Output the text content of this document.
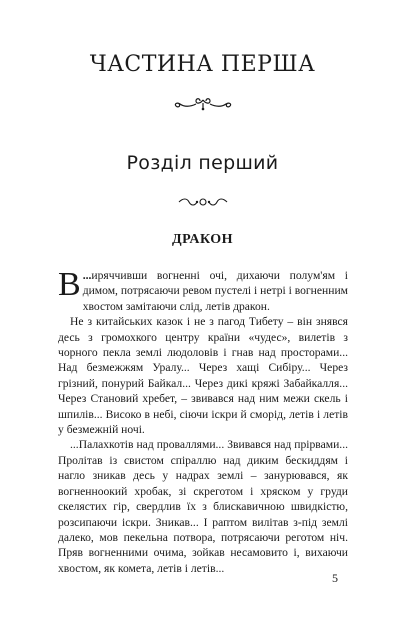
ЧАСТИНА ПЕРША
Розділ перший
ДРАКОН

В ...иряччивши вогненні очі, дихаючи полум'ям і димом, потрясаючи ревом пустелі і нетрі і вогненним хвостом замітаючи слід, летів дракон.

Не з китайських казок і не з пагод Тибету – він знявся десь з громохкого центру країни «чудес», вилетів з чорного пекла землі людоловів і гнав над просторами... Над безмежжям Уралу... Через хащі Сибіру... Через грізний, понурий Байкал... Через дикі кряжі Забайкалля... Через Становий хребет, – звивався над ним межи скель і шпилів... Високо в небі, сіючи іскри й сморід, летів і летів у безмежній ночі.

...Палахкотів над проваллями... Звивався над прірвами... Пролітав із свистом спіраллю над диким бескиддям і нагло зникав десь у надрах землі – занурювався, як вогненноокий хробак, зі скреготом і хряском у груди скелястих гір, свердлив їх з блискавичною швидкістю, розсипаючи іскри. Зникав... І раптом вилітав з-під землі далеко, мов пекельна потвора, потрясаючи реготом ніч. Пряв вогненними очима, зойкав несамовито і, вихаючи хвостом, як комета, летів і летів...

5
